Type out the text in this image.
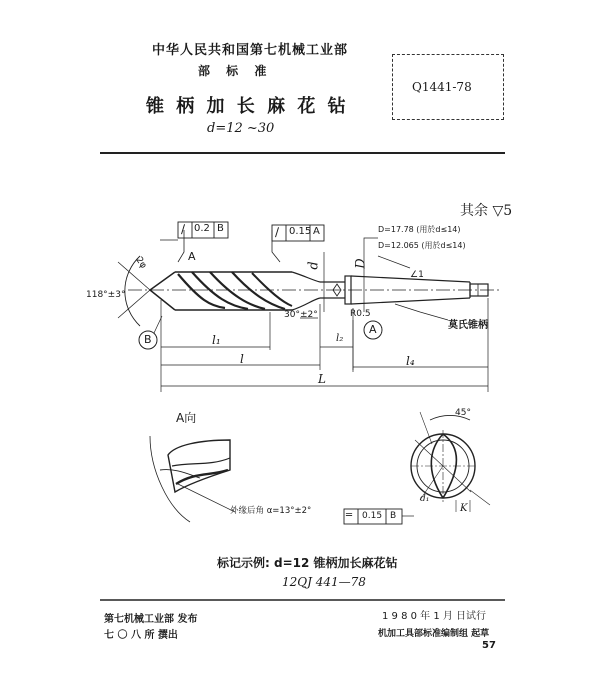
中华人民共和国第七机械工业部
部 标 准
锥 柄 加 长 麻 花 钻
d=12 ~30
Q1441-78
其余 ▽5
∕ 0.2 B	∕ 0.15 A
A
d D
2φ
118°±3°
30°±2°	R0.5
A
B
∠1
D=17.78 (用於d≤14)
D=12.065 (用於d≤14)
莫氏锥柄
l₁
l
L
l₂
l₄
A向
外缘后角 α=13°±2°
45°
K
d₁
═ 0.15 B
标记示例: d=12 锥柄加长麻花钻
12QJ 441—78
第七机械工业部 发布
七 〇 八 所 撰出
1 9 8 0 年 1 月 日试行
机加工具部标准编制组 起草
57
